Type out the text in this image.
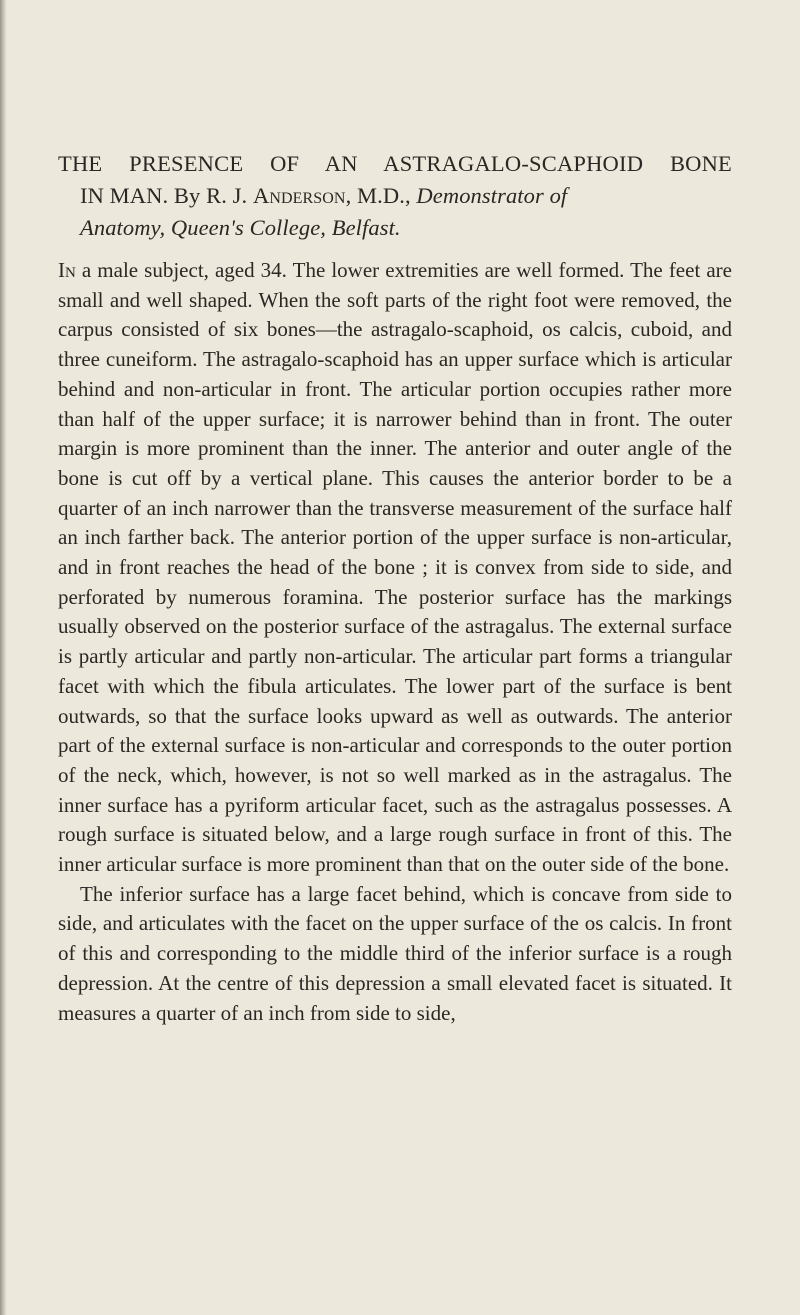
THE PRESENCE OF AN ASTRAGALO-SCAPHOID BONE
IN MAN. By R. J. Anderson, M.D., Demonstrator of
Anatomy, Queen's College, Belfast.

In a male subject, aged 34. The lower extremities are well formed. The feet are small and well shaped. When the soft parts of the right foot were removed, the carpus consisted of six bones—the astragalo-scaphoid, os calcis, cuboid, and three cuneiform. The astragalo-scaphoid has an upper surface which is articular behind and non-articular in front. The articular portion occupies rather more than half of the upper surface; it is narrower behind than in front. The outer margin is more prominent than the inner. The anterior and outer angle of the bone is cut off by a vertical plane. This causes the anterior border to be a quarter of an inch narrower than the transverse measurement of the surface half an inch farther back. The anterior portion of the upper surface is non-articular, and in front reaches the head of the bone ; it is convex from side to side, and perforated by numerous foramina. The posterior surface has the markings usually observed on the posterior surface of the astragalus. The external surface is partly articular and partly non-articular. The articular part forms a triangular facet with which the fibula articulates. The lower part of the surface is bent outwards, so that the surface looks upward as well as outwards. The anterior part of the external surface is non-articular and corresponds to the outer portion of the neck, which, however, is not so well marked as in the astragalus. The inner surface has a pyriform articular facet, such as the astragalus possesses. A rough surface is situated below, and a large rough surface in front of this. The inner articular surface is more prominent than that on the outer side of the bone.

The inferior surface has a large facet behind, which is concave from side to side, and articulates with the facet on the upper surface of the os calcis. In front of this and corresponding to the middle third of the inferior surface is a rough depression. At the centre of this depression a small elevated facet is situated. It measures a quarter of an inch from side to side,
